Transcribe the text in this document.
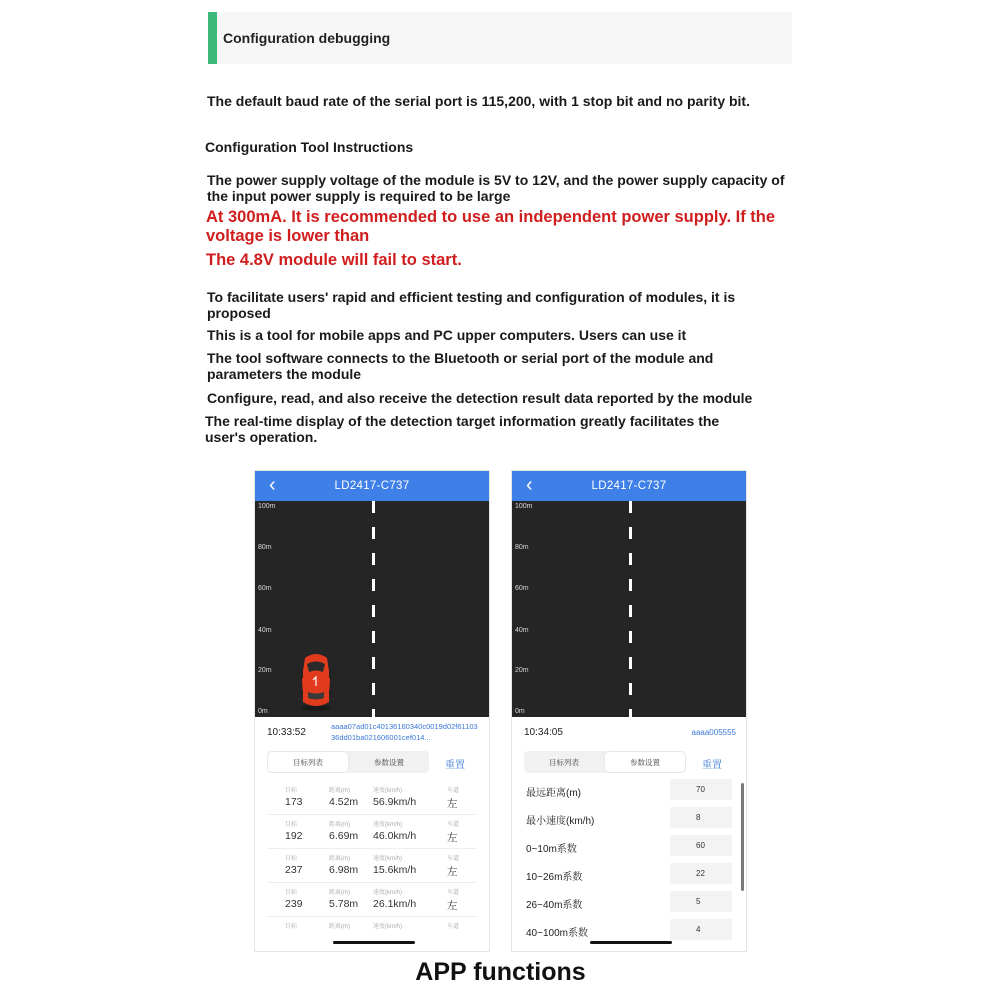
Configuration debugging
The default baud rate of the serial port is 115,200, with 1 stop bit and no parity bit.
Configuration Tool Instructions
The power supply voltage of the module is 5V to 12V, and the power supply capacity of
the input power supply is required to be large
At 300mA. It is recommended to use an independent power supply. If the
voltage is lower than
The 4.8V module will fail to start.
To facilitate users' rapid and efficient testing and configuration of modules, it is
proposed
This is a tool for mobile apps and PC upper computers. Users can use it
The tool software connects to the Bluetooth or serial port of the module and
parameters the module
Configure, read, and also receive the detection result data reported by the module
The real-time display of the detection target information greatly facilitates the
user's operation.
‹	LD2417-C737
100m
80m
60m
40m
20m
0m
10:33:52
aaaa07ad01c40136160340c0019d02f6110336dd01ba021606001cef014...
目标列表	参数设置	重置
目标	距离(m)	速度(km/h)	车道
173	4.52m 56.9km/h	左
目标	距离(m)	速度(km/h)	车道
192	6.69m 46.0km/h	左
目标	距离(m)	速度(km/h)	车道
237	6.98m 15.6km/h	左
目标	距离(m)	速度(km/h)	车道
239	5.78m 26.1km/h	左
目标	距离(m)	速度(km/h)	车道
‹	LD2417-C737
100m
80m
60m
40m
20m
0m
10:34:05	aaaa005555
目标列表	参数设置	重置
最远距离(m)	70
最小速度(km/h)	8
0~10m系数	60
10~26m系数	22
26~40m系数	5
40~100m系数	4
APP functions
